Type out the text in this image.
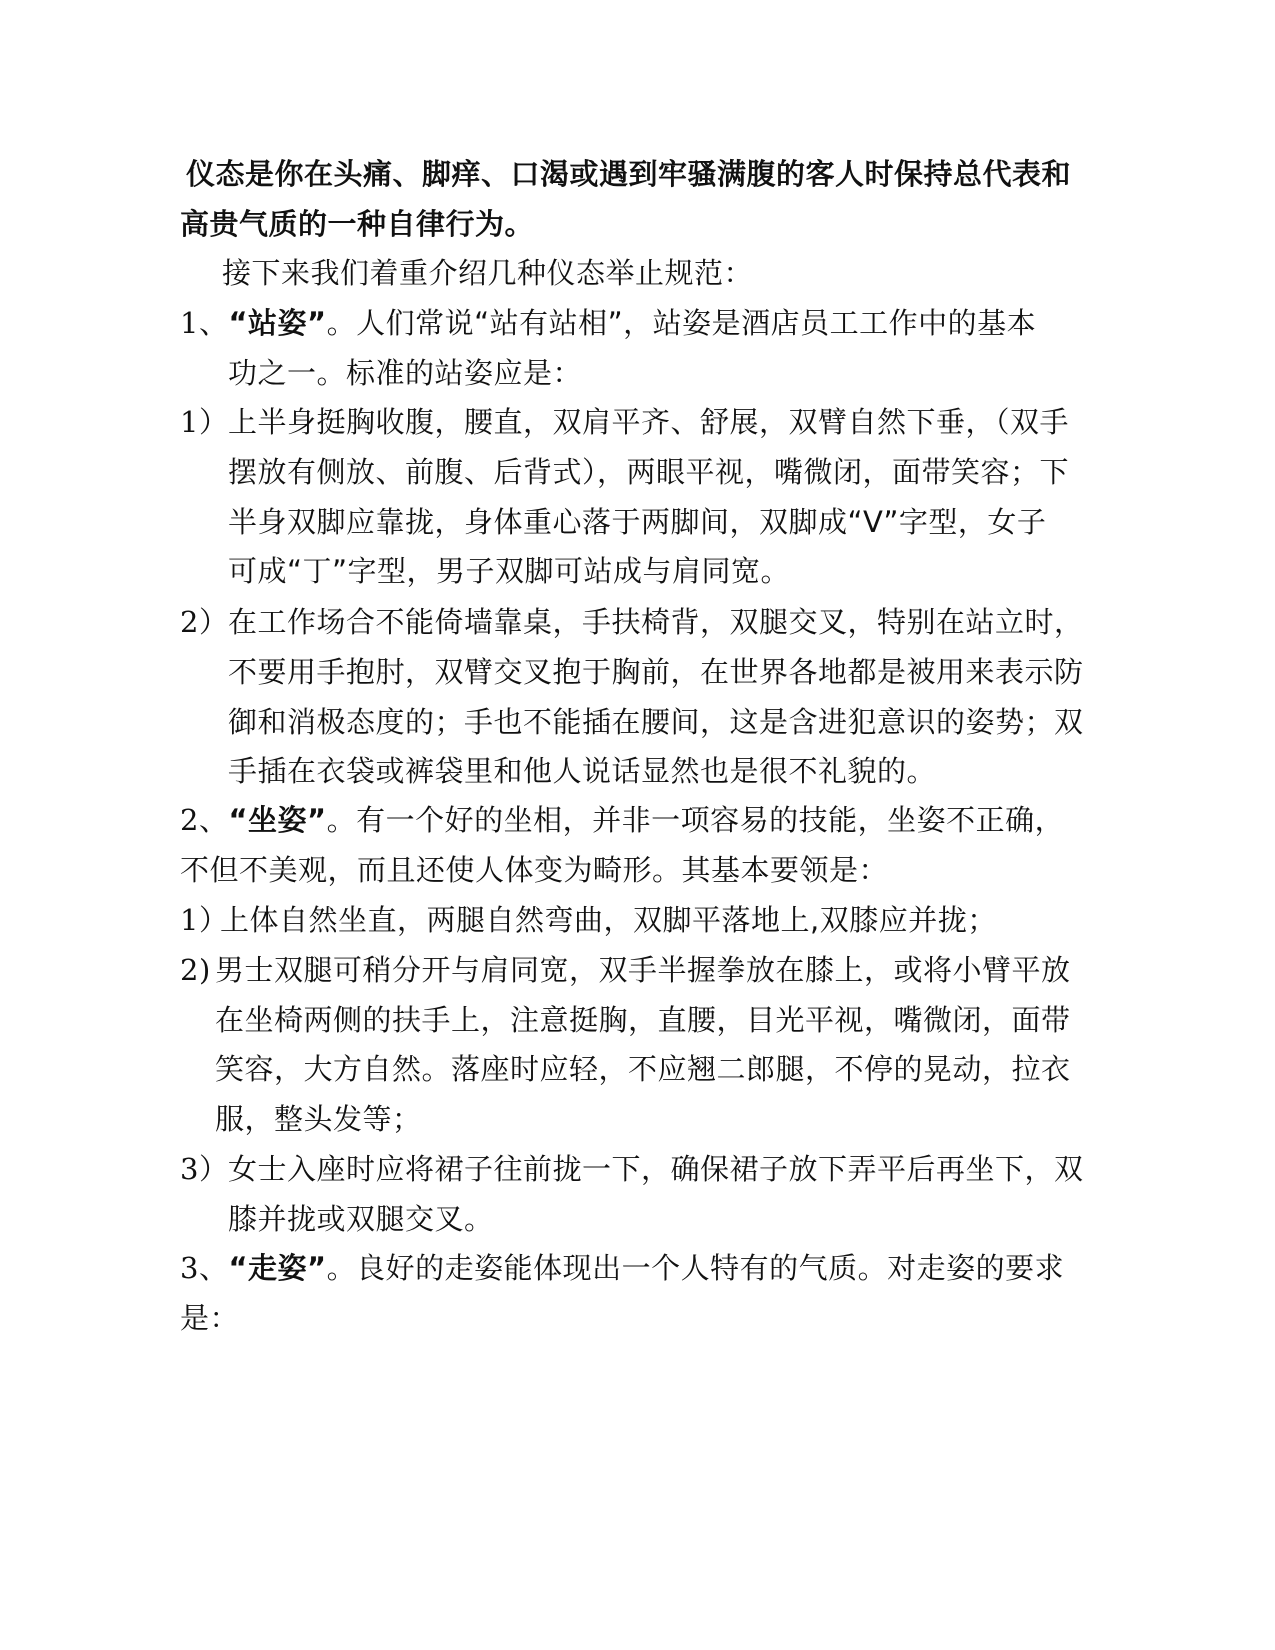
仪态是你在头痛、脚痒、口渴或遇到牢骚满腹的客人时保持总代表和
高贵气质的一种自律行为。
接下来我们着重介绍几种仪态举止规范：
1、“站姿”。人们常说“站有站相”，站姿是酒店员工工作中的基本
功之一。标准的站姿应是：
1） 上半身挺胸收腹，腰直，双肩平齐、舒展，双臂自然下垂，（双手
摆放有侧放、前腹、后背式），两眼平视，嘴微闭，面带笑容；下
半身双脚应靠拢，身体重心落于两脚间，双脚成“V”字型，女子
可成“丁”字型，男子双脚可站成与肩同宽。
2） 在工作场合不能倚墙靠桌，手扶椅背，双腿交叉，特别在站立时，
不要用手抱肘，双臂交叉抱于胸前，在世界各地都是被用来表示防
御和消极态度的；手也不能插在腰间，这是含进犯意识的姿势；双
手插在衣袋或裤袋里和他人说话显然也是很不礼貌的。
2、“坐姿”。有一个好的坐相，并非一项容易的技能，坐姿不正确，
不但不美观，而且还使人体变为畸形。其基本要领是：
1）
上体自然坐直，两腿自然弯曲，双脚平落地上,双膝应并拢；
2) 男士双腿可稍分开与肩同宽，双手半握拳放在膝上，或将小臂平放
在坐椅两侧的扶手上，注意挺胸，直腰，目光平视，嘴微闭，面带
笑容，大方自然。落座时应轻，不应翘二郎腿，不停的晃动，拉衣
服，整头发等；
3） 女士入座时应将裙子往前拢一下，确保裙子放下弄平后再坐下，双
膝并拢或双腿交叉。
3、“走姿”。良好的走姿能体现出一个人特有的气质。对走姿的要求
是：
